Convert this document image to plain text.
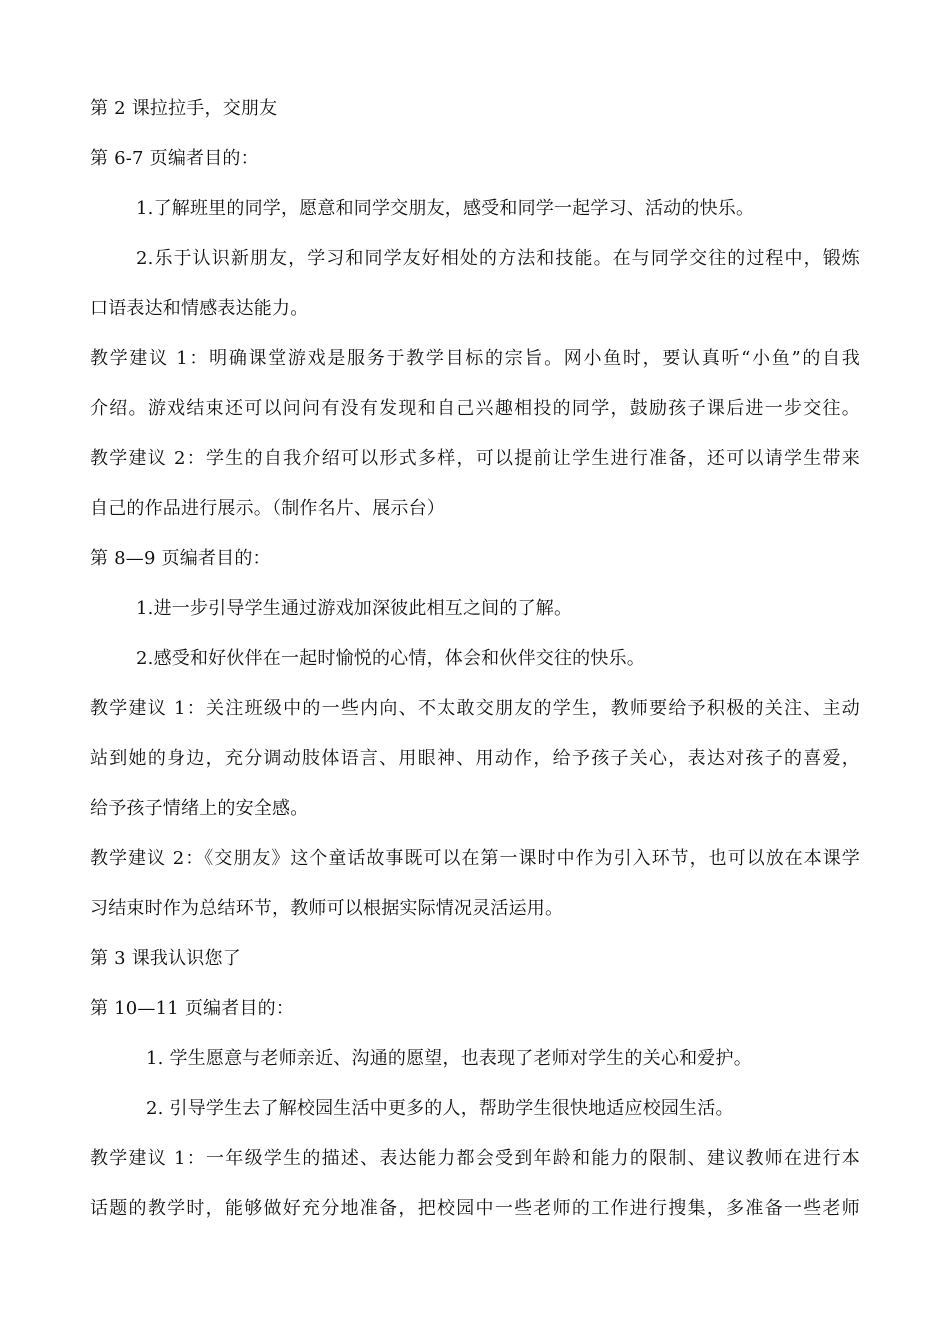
第 2 课拉拉手，交朋友
第 6-7 页编者目的：
1.了解班里的同学，愿意和同学交朋友，感受和同学一起学习、活动的快乐。
2.乐于认识新朋友，学习和同学友好相处的方法和技能。在与同学交往的过程中，锻炼
口语表达和情感表达能力。
教学建议 1：明确课堂游戏是服务于教学目标的宗旨。网小鱼时，要认真听“小鱼”的自我
介绍。游戏结束还可以问问有没有发现和自己兴趣相投的同学，鼓励孩子课后进一步交往。
教学建议 2：学生的自我介绍可以形式多样，可以提前让学生进行准备，还可以请学生带来
自己的作品进行展示。（制作名片、展示台）
第 8—9 页编者目的：
1.进一步引导学生通过游戏加深彼此相互之间的了解。
2.感受和好伙伴在一起时愉悦的心情，体会和伙伴交往的快乐。
教学建议 1：关注班级中的一些内向、不太敢交朋友的学生，教师要给予积极的关注、主动
站到她的身边，充分调动肢体语言、用眼神、用动作，给予孩子关心，表达对孩子的喜爱，
给予孩子情绪上的安全感。
教学建议 2：《交朋友》这个童话故事既可以在第一课时中作为引入环节，也可以放在本课学
习结束时作为总结环节，教师可以根据实际情况灵活运用。
第 3 课我认识您了
第 10—11 页编者目的：
1. 学生愿意与老师亲近、沟通的愿望，也表现了老师对学生的关心和爱护。
2. 引导学生去了解校园生活中更多的人，帮助学生很快地适应校园生活。
教学建议 1：一年级学生的描述、表达能力都会受到年龄和能力的限制、建议教师在进行本
话题的教学时，能够做好充分地准备，把校园中一些老师的工作进行搜集，多准备一些老师
